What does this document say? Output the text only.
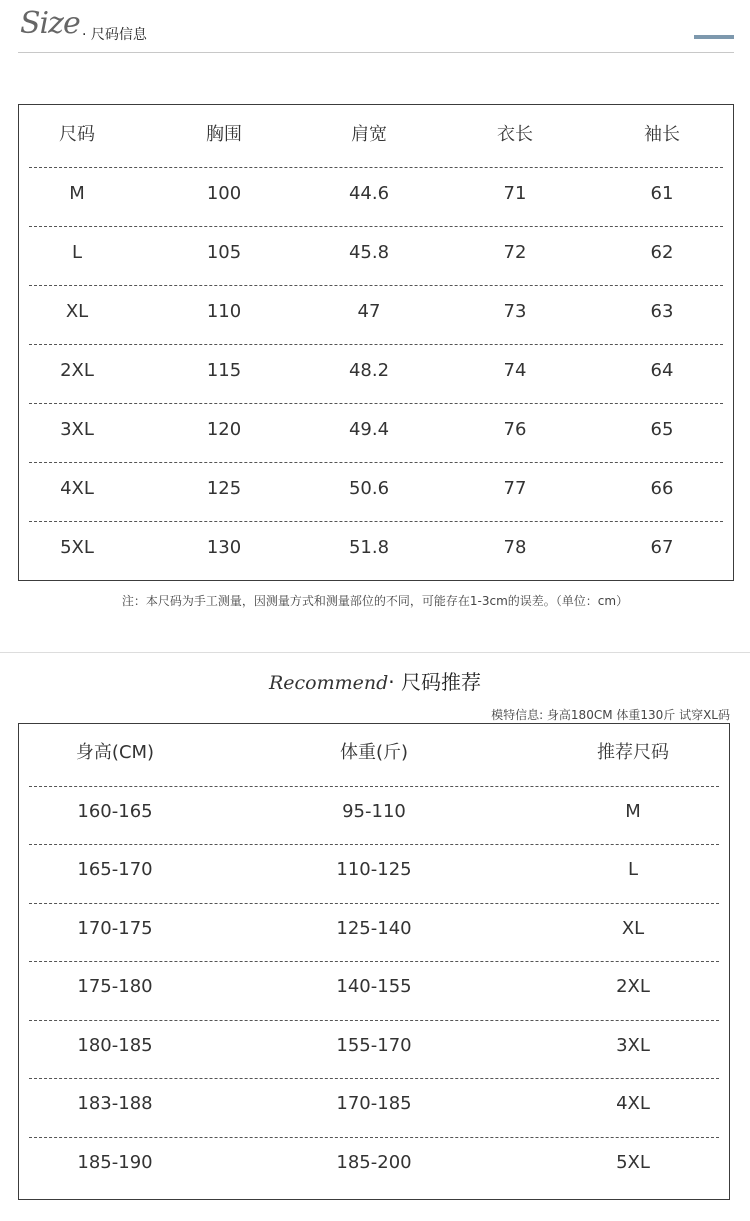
Size · 尺码信息
尺码	胸围	肩宽	衣长	袖长
M	100	44.6	71	61
L	105	45.8	72	62
XL	110	47	73	63
2XL	115	48.2	74	64
3XL	120	49.4	76	65
4XL	125	50.6	77	66
5XL	130	51.8	78	67
注：本尺码为手工测量，因测量方式和测量部位的不同，可能存在1-3cm的误差。（单位：cm）
Recommend· 尺码推荐
模特信息: 身高180CM 体重130斤 试穿XL码
身高(CM)	体重(斤)	推荐尺码
160-165	95-110	M
165-170	110-125	L
170-175	125-140	XL
175-180	140-155	2XL
180-185	155-170	3XL
183-188	170-185	4XL
185-190	185-200	5XL
